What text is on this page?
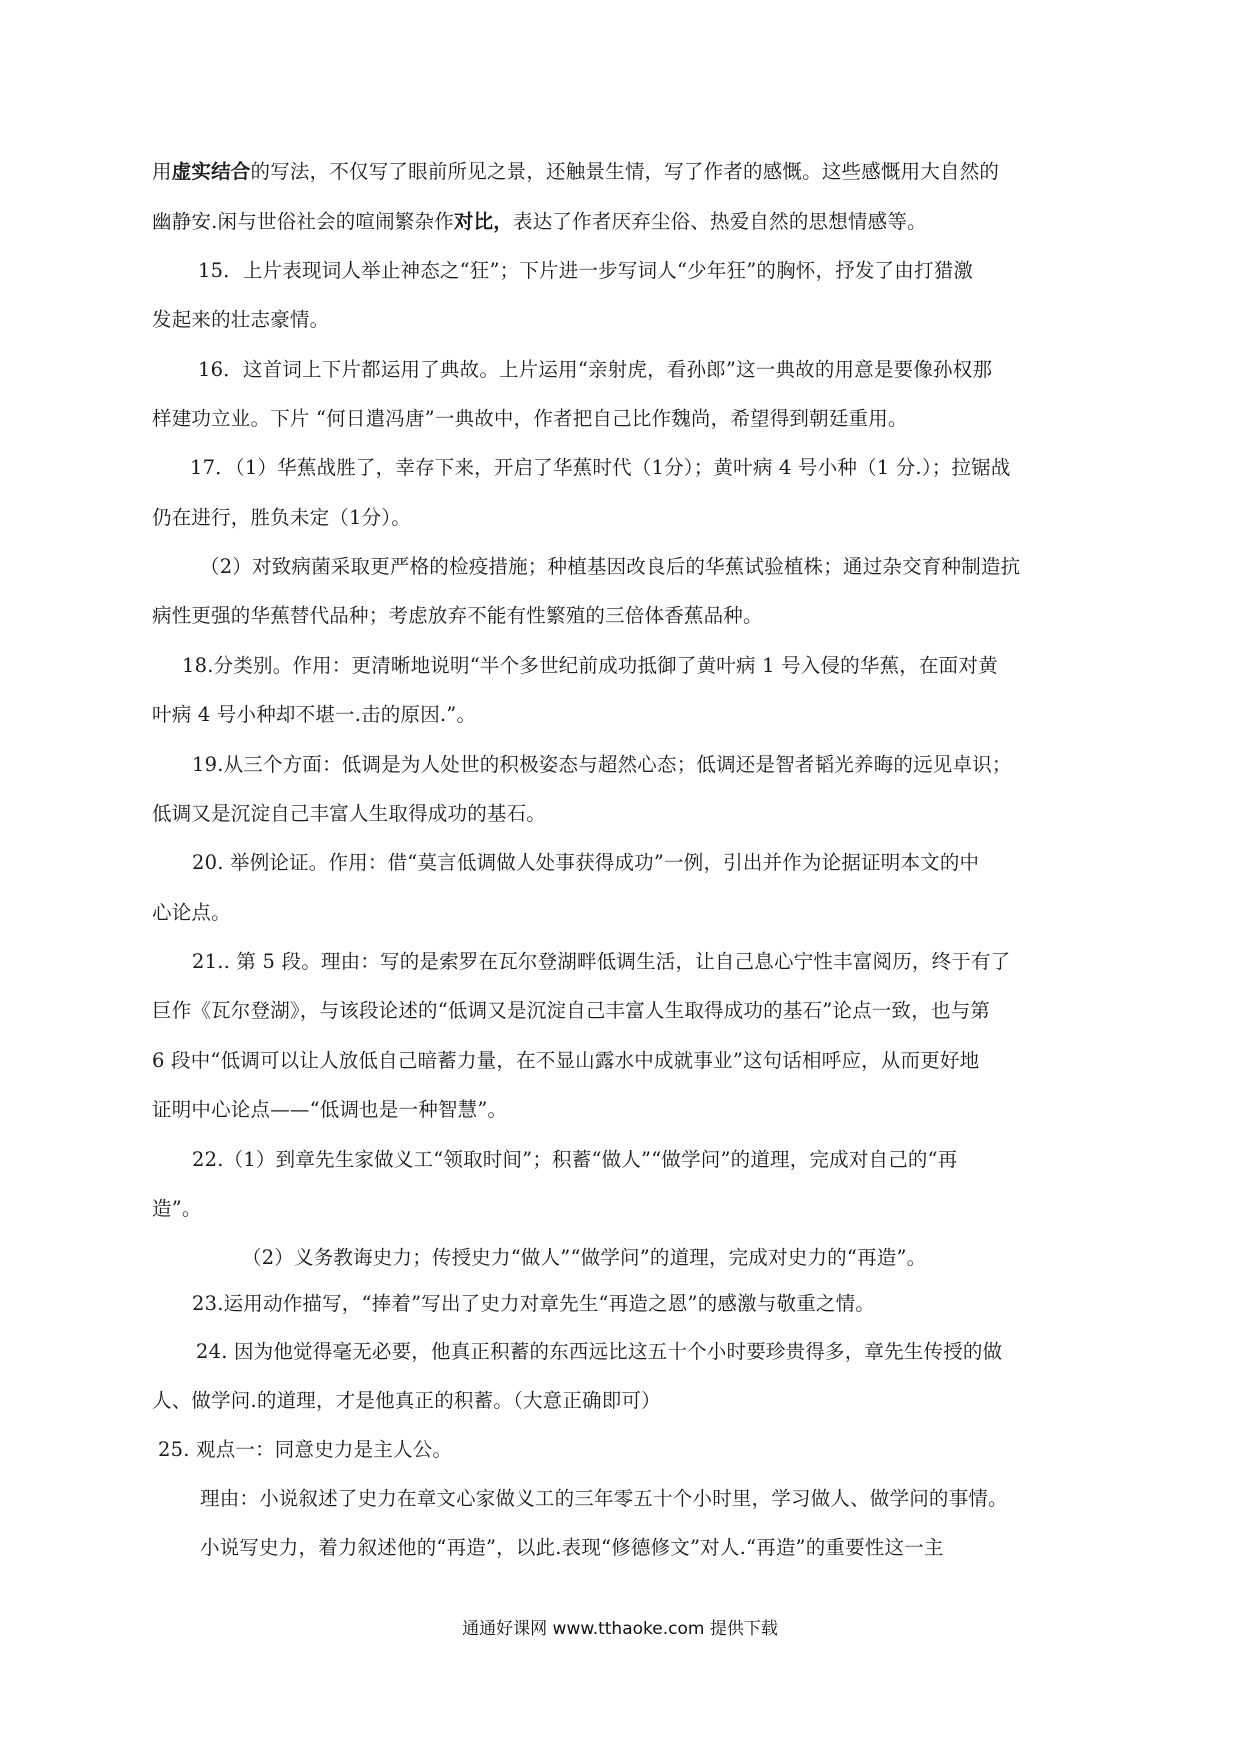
用虚实结合的写法，不仅写了眼前所见之景，还触景生情，写了作者的感慨。这些感慨用大自然的
幽静安.闲与世俗社会的喧闹繁杂作对比，表达了作者厌弃尘俗、热爱自然的思想情感等。
15．上片表现词人举止神态之“狂”；下片进一步写词人“少年狂”的胸怀，抒发了由打猎激
发起来的壮志豪情。
16．这首词上下片都运用了典故。上片运用“亲射虎，看孙郎”这一典故的用意是要像孙权那
样建功立业。下片 “何日遣冯唐”一典故中，作者把自己比作魏尚，希望得到朝廷重用。
17．（1）华蕉战胜了，幸存下来，开启了华蕉时代（1分）；黄叶病 4 号小种（1 分.）；拉锯战
仍在进行，胜负未定（1分）。
（2）对致病菌采取更严格的检疫措施；种植基因改良后的华蕉试验植株；通过杂交育种制造抗
病性更强的华蕉替代品种；考虑放弃不能有性繁殖的三倍体香蕉品种。
18.分类别。作用：更清晰地说明“半个多世纪前成功抵御了黄叶病 1 号入侵的华蕉，在面对黄
叶病 4 号小种却不堪一.击的原因.”。
19.从三个方面：低调是为人处世的积极姿态与超然心态；低调还是智者韬光养晦的远见卓识；
低调又是沉淀自己丰富人生取得成功的基石。
20. 举例论证。作用：借“莫言低调做人处事获得成功”一例，引出并作为论据证明本文的中
心论点。
21.. 第 5 段。理由：写的是索罗在瓦尔登湖畔低调生活，让自己息心宁性丰富阅历，终于有了
巨作《瓦尔登湖》，与该段论述的“低调又是沉淀自己丰富人生取得成功的基石”论点一致，也与第
6 段中“低调可以让人放低自己暗蓄力量，在不显山露水中成就事业”这句话相呼应，从而更好地
证明中心论点——“低调也是一种智慧”。
22.（1）到章先生家做义工“领取时间”；积蓄“做人”“做学问”的道理，完成对自己的“再
造”。
（2）义务教诲史力；传授史力“做人”“做学问”的道理，完成对史力的“再造”。
23.运用动作描写，“捧着”写出了史力对章先生“再造之恩”的感激与敬重之情。
24. 因为他觉得毫无必要，他真正积蓄的东西远比这五十个小时要珍贵得多，章先生传授的做
人、做学问.的道理，才是他真正的积蓄。（大意正确即可）
25. 观点一：同意史力是主人公。
理由：小说叙述了史力在章文心家做义工的三年零五十个小时里，学习做人、做学问的事情。
小说写史力，着力叙述他的“再造”，以此.表现“修德修文”对人.“再造”的重要性这一主
通通好课网 www.tthaoke.com 提供下载
